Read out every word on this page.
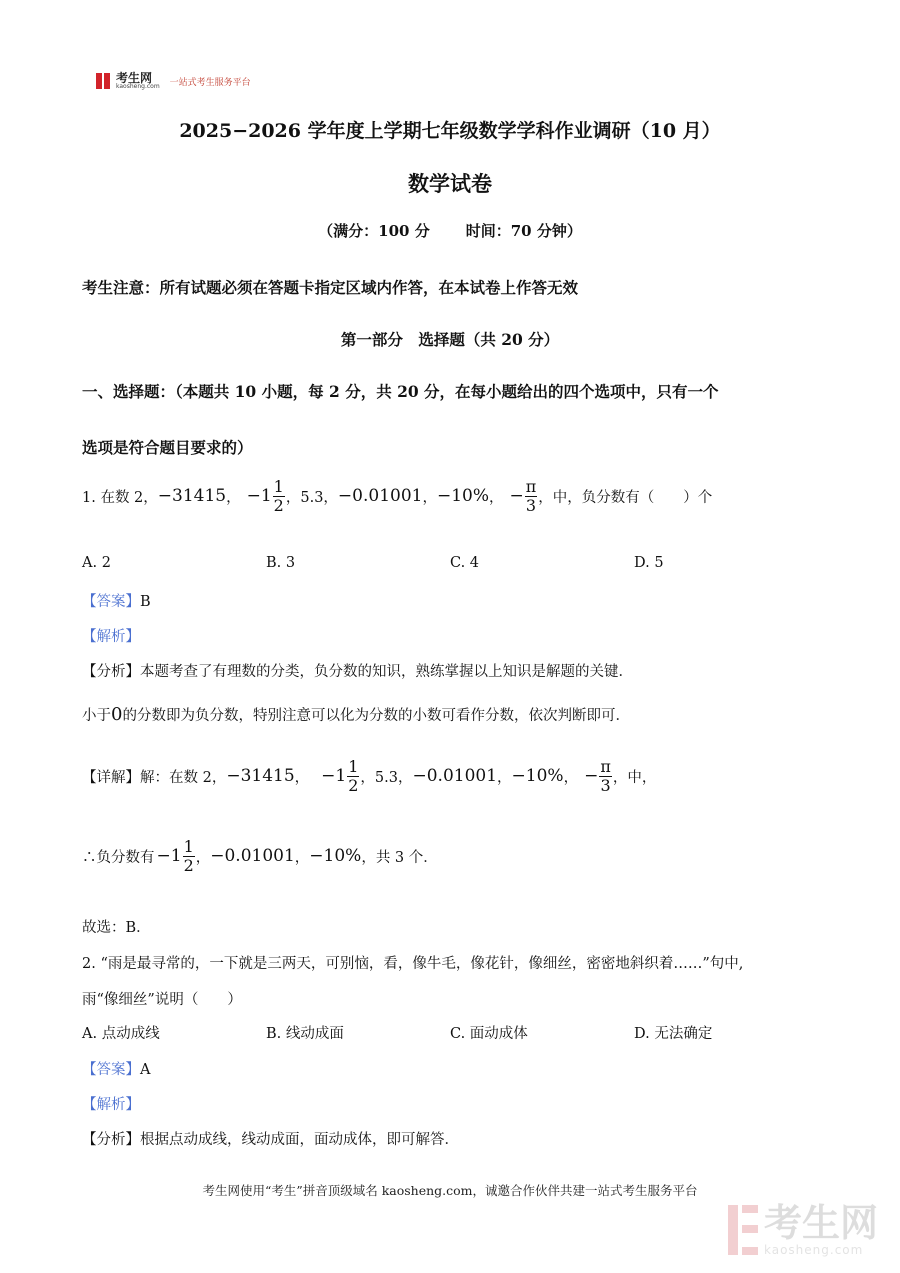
考生网
kaosheng.com 一站式考生服务平台
2025−2026 学年度上学期七年级数学学科作业调研（10 月）
数学试卷
（满分：100 分 时间：70 分钟）
考生注意：所有试题必须在答题卡指定区域内作答，在本试卷上作答无效
第一部分　选择题（共 20 分）
一、选择题：（本题共 10 小题，每 2 分，共 20 分，在每小题给出的四个选项中，只有一个
选项是符合题目要求的）
1. 在数 2， −31415 ， $-1 \frac{1}{2}$ ，5.3， −0.01001 ， −10% ， − $\frac{\pi}{3}$ ，中，负分数有（　　）个
A. 2	B. 3	C. 4	D. 5
【答案】B
【解析】
【分析】本题考查了有理数的分类，负分数的知识，熟练掌握以上知识是解题的关键．
小于0的分数即为负分数，特别注意可以化为分数的小数可看作分数，依次判断即可．
【详解】解：在数 2， −31415 ， $-1 \frac{1}{2}$ ，5.3， −0.01001 ， −10% ， − $\frac{\pi}{3}$ ，中，
∴负分数有 $-1 \frac{1}{2}$ ， −0.01001 ， −10% ，共 3 个．
故选：B．
2. “雨是最寻常的，一下就是三两天，可别恼，看，像牛毛，像花针，像细丝，密密地斜织着……”句中,
雨“像细丝”说明（　　）
A. 点动成线	B. 线动成面	C. 面动成体	D. 无法确定
【答案】A
【解析】
【分析】根据点动成线，线动成面，面动成体，即可解答．
考生网使用“考生”拼音顶级域名 kaosheng.com，诚邀合作伙伴共建一站式考生服务平台
考生网
kaosheng.com
